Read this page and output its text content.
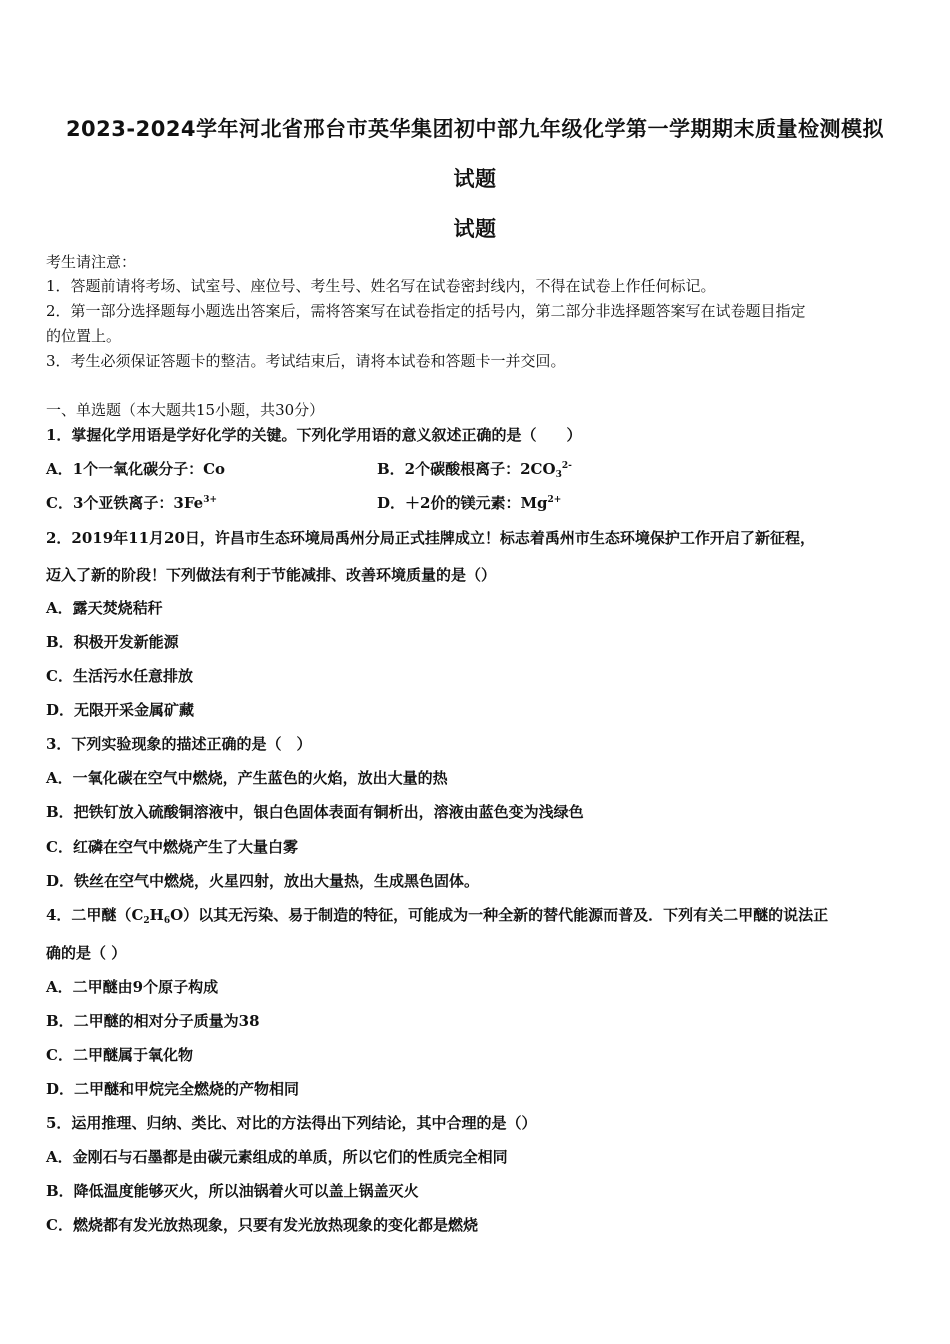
2023-2024学年河北省邢台市英华集团初中部九年级化学第一学期期末质量检测模拟
试题
试题
考生请注意：
1．答题前请将考场、试室号、座位号、考生号、姓名写在试卷密封线内，不得在试卷上作任何标记。
2．第一部分选择题每小题选出答案后，需将答案写在试卷指定的括号内，第二部分非选择题答案写在试卷题目指定
的位置上。
3．考生必须保证答题卡的整洁。考试结束后，请将本试卷和答题卡一并交回。
一、单选题（本大题共15小题，共30分）
1．掌握化学用语是学好化学的关键。下列化学用语的意义叙述正确的是（　　）
A．1个一氧化碳分子：Co	B．2个碳酸根离子：$2CO_3^{2-}$
C．3个亚铁离子：$3Fe^{3+}$	D．＋2价的镁元素：$Mg^{2+}$
2．2019年11月20日，许昌市生态环境局禹州分局正式挂牌成立！标志着禹州市生态环境保护工作开启了新征程，
迈入了新的阶段！下列做法有利于节能减排、改善环境质量的是（）
A．露天焚烧秸秆
B．积极开发新能源
C．生活污水任意排放
D．无限开采金属矿藏
3．下列实验现象的描述正确的是（　）
A．一氧化碳在空气中燃烧，产生蓝色的火焰，放出大量的热
B．把铁钉放入硫酸铜溶液中，银白色固体表面有铜析出，溶液由蓝色变为浅绿色
C．红磷在空气中燃烧产生了大量白雾
D．铁丝在空气中燃烧，火星四射，放出大量热，生成黑色固体。
4．二甲醚$(C_2H_6O)$以其无污染、易于制造的特征，可能成为一种全新的替代能源而普及．下列有关二甲醚的说法正
确的是（ ）
A．二甲醚由9个原子构成
B．二甲醚的相对分子质量为38
C．二甲醚属于氧化物
D．二甲醚和甲烷完全燃烧的产物相同
5．运用推理、归纳、类比、对比的方法得出下列结论，其中合理的是（）
A．金刚石与石墨都是由碳元素组成的单质，所以它们的性质完全相同
B．降低温度能够灭火，所以油锅着火可以盖上锅盖灭火
C．燃烧都有发光放热现象，只要有发光放热现象的变化都是燃烧
